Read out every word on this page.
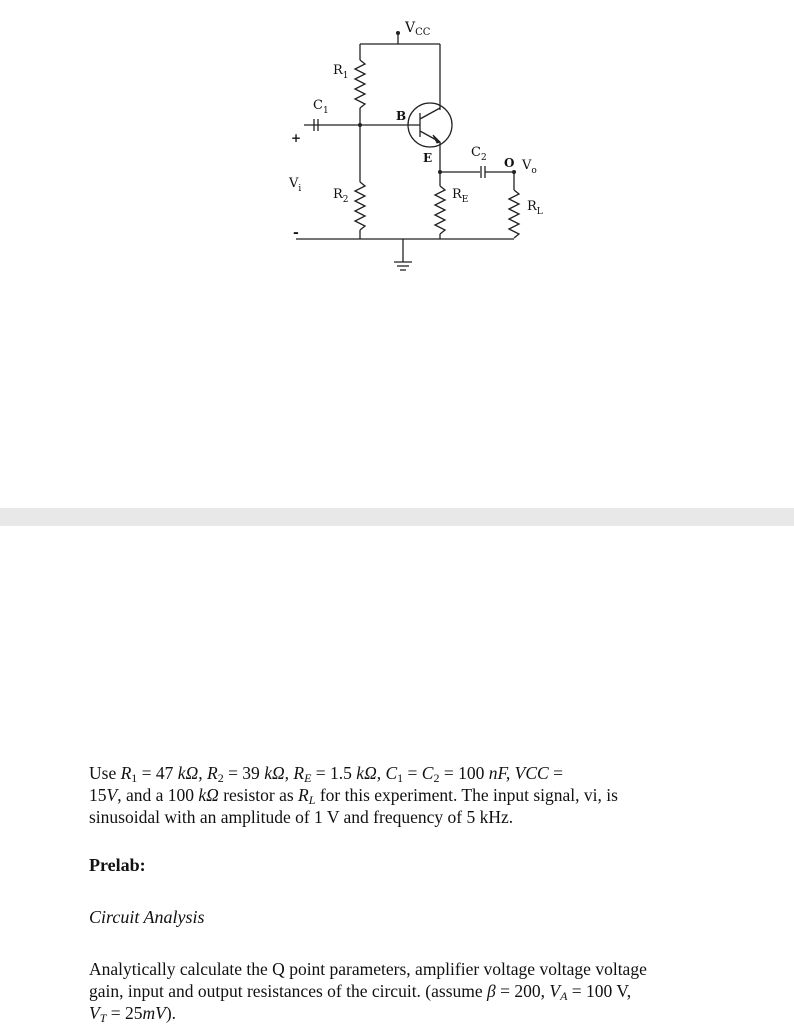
$V_{CC}$
$R_1$
$C_1$	B
E	$C_2$ O $V_o$
+
$V_i$
-
$R_2$	$R_E$	$R_L$
Use $R_1 = 47$ kΩ, $R_2 = 39$ kΩ, $R_E = 1.5$ kΩ, $C_1 = C_2 = 100$ nF, VCC =
15V, and a 100 kΩ resistor as $R_L$ for this experiment. The input signal, vi, is
sinusoidal with an amplitude of 1 V and frequency of 5 kHz.
Prelab:
Circuit Analysis
Analytically calculate the Q point parameters, amplifier voltage voltage voltage
gain, input and output resistances of the circuit. (assume β = 200, $V_A = 100$ V,
$V_T = 25mV$).
